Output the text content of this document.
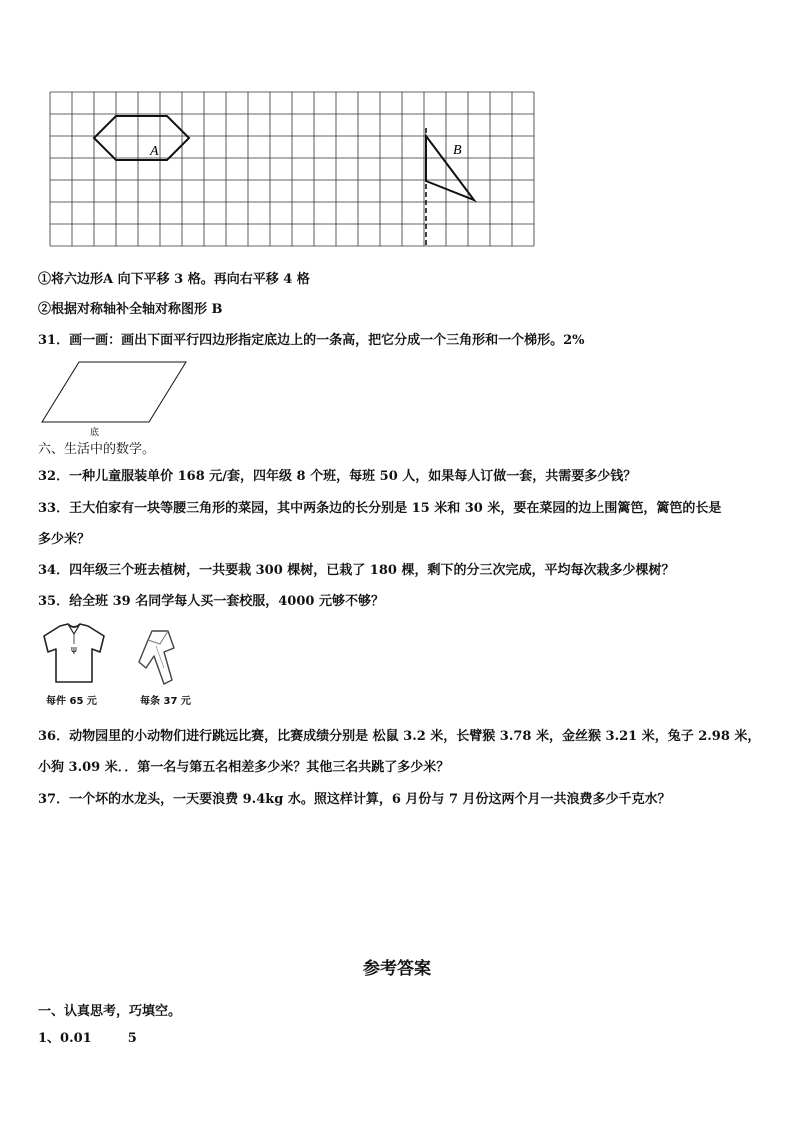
A	B
①将六边形A 向下平移 3 格。再向右平移 4 格
②根据对称轴补全轴对称图形 B
31．画一画：画出下面平行四边形指定底边上的一条高，把它分成一个三角形和一个梯形。2%
底
六、生活中的数学。
32．一种儿童服装单价 168 元/套，四年级 8 个班，每班 50 人，如果每人订做一套，共需要多少钱？
33．王大伯家有一块等腰三角形的菜园，其中两条边的长分别是 15 米和 30 米，要在菜园的边上围篱笆，篱笆的长是
多少米？
34．四年级三个班去植树，一共要栽 300 棵树，已栽了 180 棵，剩下的分三次完成，平均每次栽多少棵树？
35．给全班 39 名同学每人买一套校服，4000 元够不够？
ψ
每件 65 元	每条 37 元
36．动物园里的小动物们进行跳远比赛，比赛成绩分别是 松鼠 3.2 米，长臂猴 3.78 米，金丝猴 3.21 米，兔子 2.98 米，
小狗 3.09 米．．第一名与第五名相差多少米？其他三名共跳了多少米？
37．一个坏的水龙头，一天要浪费 9.4kg 水。照这样计算，6 月份与 7 月份这两个月一共浪费多少千克水？
参考答案
一、认真思考，巧填空。
1、0.01	5
